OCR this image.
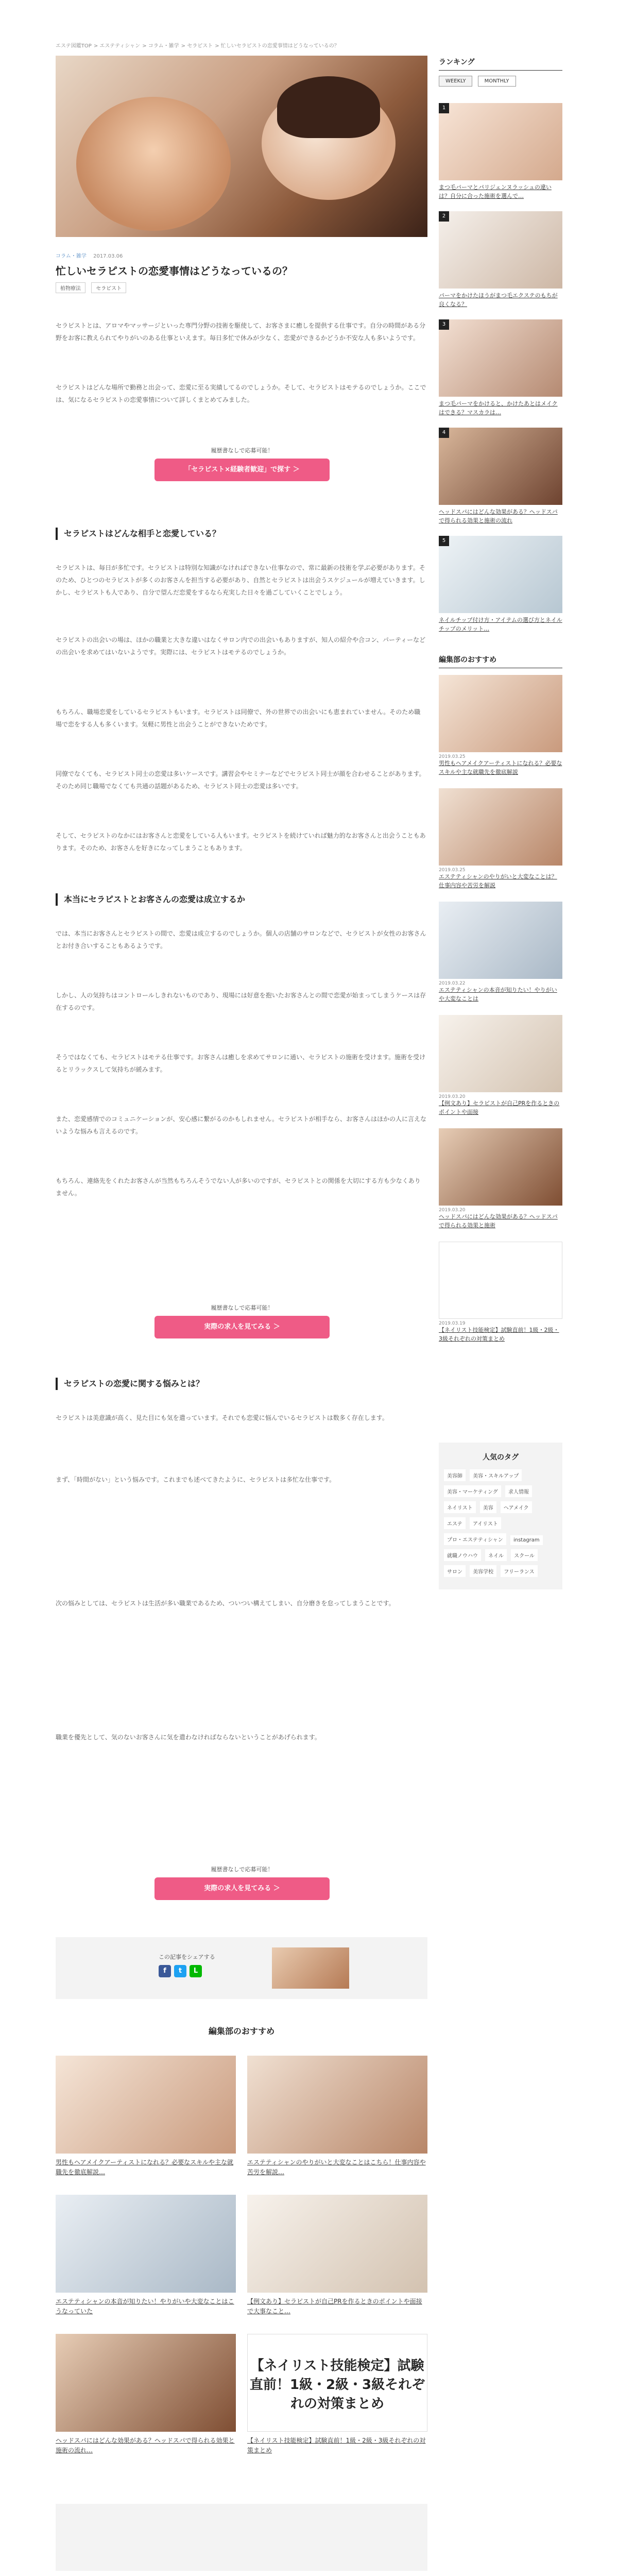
エステ図鑑TOP > エステティシャン > コラム・雑学 > セラピスト > 忙しいセラピストの恋愛事情はどうなっているの？
コラム・雑学 2017.03.06
忙しいセラピストの恋愛事情はどうなっているの？
植物療法	セラピスト

セラピストとは、アロマやマッサージといった専門分野の技術を駆使して、お客さまに癒しを提供する仕事です。自分の時間がある分野をお客に教えられてやりがいのある仕事といえます。毎日多忙で休みが少なく、恋愛ができるかどうか不安な人も多いようです。

セラピストはどんな場所で勤務と出会って、恋愛に至る実績してるのでしょうか。そして、セラピストはモテるのでしょうか。ここでは、気になるセラピストの恋愛事情について詳しくまとめてみました。

履歴書なしで応募可能！
「セラピスト×経験者歓迎」で探す ＞
セラピストはどんな相手と恋愛している？

セラピストは、毎日が多忙です。セラピストは特別な知識がなければできない仕事なので、常に最新の技術を学ぶ必要があります。そのため、ひとつのセラピストが多くのお客さんを担当する必要があり、自然とセラピストは出会うスケジュールが増えていきます。しかし、セラピストも人であり、自分で望んだ恋愛をするなら充実した日々を過ごしていくことでしょう。

セラピストの出会いの場は、ほかの職業と大きな違いはなくサロン内での出会いもありますが、知人の紹介や合コン、パーティーなどの出会いを求めてはいないようです。実際には、セラピストはモテるのでしょうか。

もちろん、職場恋愛をしているセラピストもいます。セラピストは同僚で、外の世界での出会いにも恵まれていません。そのため職場で恋をする人も多くいます。気軽に男性と出会うことができないためです。

同僚でなくても、セラピスト同士の恋愛は多いケースです。講習会やセミナーなどでセラピスト同士が顔を合わせることがあります。そのため同じ職場でなくても共通の話題があるため、セラピスト同士の恋愛は多いです。

そして、セラピストのなかにはお客さんと恋愛をしている人もいます。セラピストを続けていれば魅力的なお客さんと出会うこともあります。そのため、お客さんを好きになってしまうこともあります。

本当にセラピストとお客さんの恋愛は成立するか

では、本当にお客さんとセラピストの間で、恋愛は成立するのでしょうか。個人の店舗のサロンなどで、セラピストが女性のお客さんとお付き合いすることもあるようです。

しかし、人の気持ちはコントロールしきれないものであり、現場には好意を抱いたお客さんとの間で恋愛が始まってしまうケースは存在するのです。

そうではなくても、セラピストはモテる仕事です。お客さんは癒しを求めてサロンに通い、セラピストの施術を受けます。施術を受けるとリラックスして気持ちが緩みます。

また、恋愛感情でのコミュニケーションが、安心感に繋がるのかもしれません。セラピストが相手なら、お客さんはほかの人に言えないような悩みも言えるのです。

もちろん、連絡先をくれたお客さんが当然もちろんそうでない人が多いのですが、セラピストとの関係を大切にする方も少なくありません。

履歴書なしで応募可能！
実際の求人を見てみる ＞
セラピストの恋愛に関する悩みとは？

セラピストは美意識が高く、見た目にも気を遣っています。それでも恋愛に悩んでいるセラピストは数多く存在します。

まず、「時間がない」という悩みです。これまでも述べてきたように、セラピストは多忙な仕事です。

次の悩みとしては、セラピストは生活が多い職業であるため、ついつい構えてしまい、自分磨きを怠ってしまうことです。

職業を優先として、気のないお客さんに気を遣わなければならないということがあげられます。

履歴書なしで応募可能！
実際の求人を見てみる ＞
この記事をシェアする
f	t	L
編集部のおすすめ
男性もヘアメイクアーティストになれる？必要なスキルや主な就職先を徹底解説…
エステティシャンのやりがいと大変なことはこちら！仕事内容や苦労を解説…
エステティシャンの本音が知りたい！やりがいや大変なことはこうなっていた
【例文あり】セラピストが自己PRを作るときのポイントや面接で大事なこと…
ヘッドスパにはどんな効果がある？ヘッドスパで得られる効果と施術の流れ…
【ネイリスト技能検定】試験直前！1級・2級・3級それぞれの対策まとめ
【ネイリスト技能検定】試験直前！1級・2級・3級それぞれの対策まとめ
ランキング
WEEKLY	MONTHLY
1
まつ毛パーマとパリジェンヌラッシュの違いは？自分に合った施術を選んで…
2
パーマをかけたほうがまつ毛エクステのもちが良くなる？
3
まつ毛パーマをかけると、かけたあとはメイクはできる？マスカラは…
4
ヘッドスパにはどんな効果がある？ヘッドスパで得られる効果と施術の流れ
5
ネイルチップ付け方・アイテムの選び方とネイルチップのメリット…
編集部のおすすめ
2019.03.25
男性もヘアメイクアーティストになれる？必要なスキルや主な就職先を徹底解説
2019.03.25
エステティシャンのやりがいと大変なことは？仕事内容や苦労を解説
2019.03.22
エステティシャンの本音が知りたい！やりがいや大変なことは
2019.03.20
【例文あり】セラピストが自己PRを作るときのポイントや面接
2019.03.20
ヘッドスパにはどんな効果がある？ヘッドスパで得られる効果と施術
2019.03.19
【ネイリスト技能検定】試験直前！1級・2級・3級それぞれの対策まとめ
人気のタグ
美容師 美容・スキルアップ 美容・マーケティング 求人情報 ネイリスト 美容 ヘアメイク エステ アイリスト プロ・エステティシャン instagram 就職ノウハウ ネイル スクール サロン 美容学校 フリーランス
